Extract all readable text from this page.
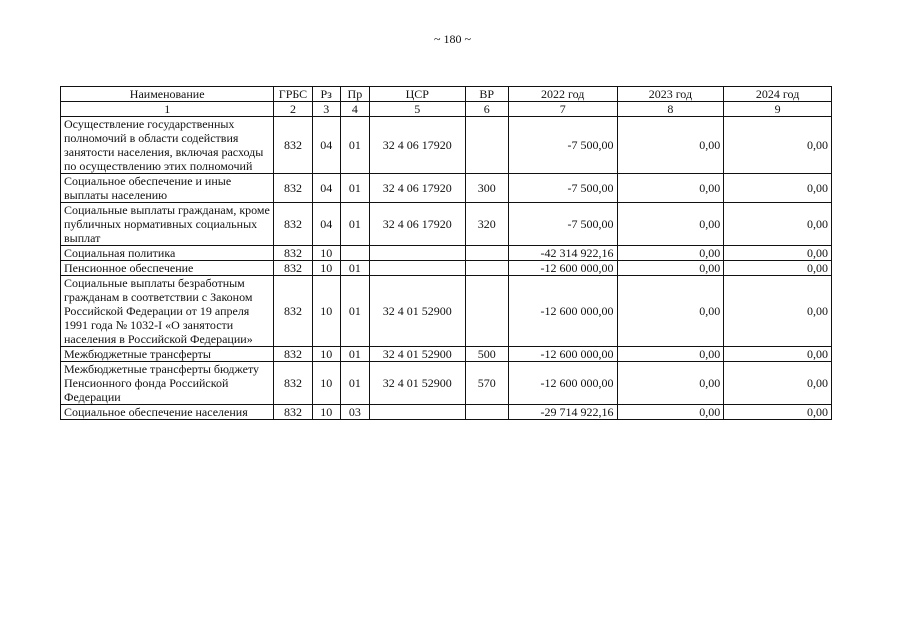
~ 180 ~
Наименование	ГРБС	Рз	Пр	ЦСР	ВР	2022 год	2023 год	2024 год
1	2	3	4	5	6	7	8	9
Осуществление государственных полномочий в области содействия занятости населения, включая расходы по осуществлению этих полномочий	832	04	01	32 4 06 17920		-7 500,00	0,00	0,00
Социальное обеспечение и иные выплаты населению	832	04	01	32 4 06 17920	300	-7 500,00	0,00	0,00
Социальные выплаты гражданам, кроме публичных нормативных социальных выплат	832	04	01	32 4 06 17920	320	-7 500,00	0,00	0,00
Социальная политика	832	10				-42 314 922,16	0,00	0,00
Пенсионное обеспечение	832	10	01			-12 600 000,00	0,00	0,00
Социальные выплаты безработным гражданам в соответствии с Законом Российской Федерации от 19 апреля 1991 года № 1032-I «О занятости населения в Российской Федерации»	832	10	01	32 4 01 52900		-12 600 000,00	0,00	0,00
Межбюджетные трансферты	832	10	01	32 4 01 52900	500	-12 600 000,00	0,00	0,00
Межбюджетные трансферты бюджету Пенсионного фонда Российской Федерации	832	10	01	32 4 01 52900	570	-12 600 000,00	0,00	0,00
Социальное обеспечение населения	832	10	03			-29 714 922,16	0,00	0,00
